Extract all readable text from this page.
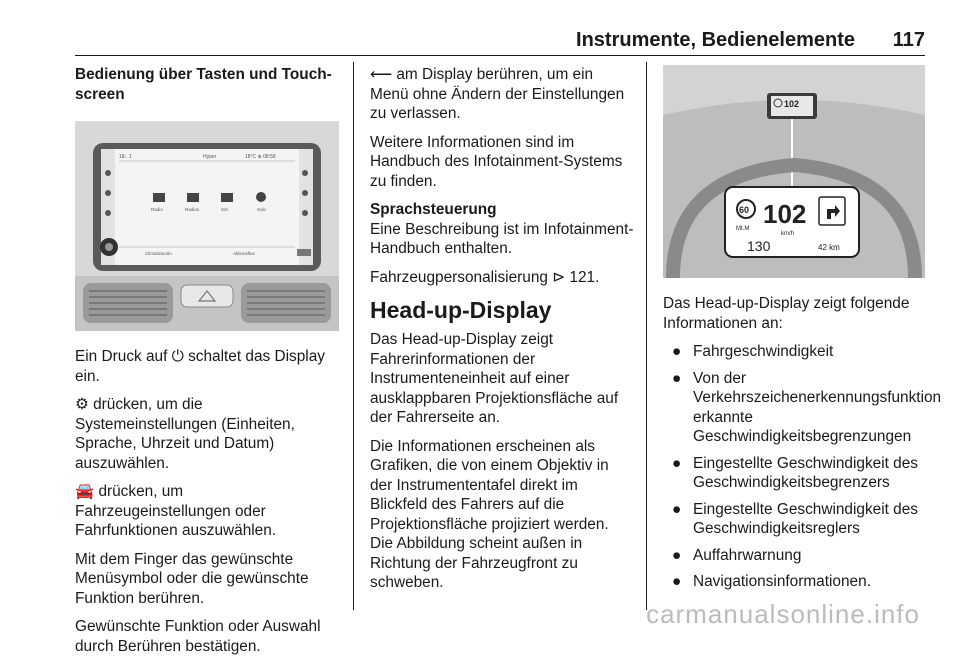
Instrumente, Bedienelemente 117
Bedienung über Tasten und Touch-
screen
18:. 1	Hyper	18°C ⊕ 08:58
Radio	Radios	Sirt	Solo
Climatización	Aktionsflus

Ein Druck auf ⏻ schaltet das Display ein.

⚙ drücken, um die Systemeinstellungen (Einheiten, Sprache, Uhrzeit und Datum) auszuwählen.

🚘 drücken, um Fahrzeugeinstellungen oder Fahrfunktionen auszuwählen.

Mit dem Finger das gewünschte Menüsymbol oder die gewünschte Funktion berühren.

Gewünschte Funktion oder Auswahl durch Berühren bestätigen.

⟵ am Display berühren, um ein Menü ohne Ändern der Einstellungen zu verlassen.

Weitere Informationen sind im Handbuch des Infotainment-Systems zu finden.

Sprachsteuerung

Eine Beschreibung ist im Infotainment-Handbuch enthalten.

Fahrzeugpersonalisierung ⊳ 121.

Head-up-Display

Das Head-up-Display zeigt Fahrerinformationen der Instrumenteneinheit auf einer ausklappbaren Projektionsfläche auf der Fahrerseite an.

Die Informationen erscheinen als Grafiken, die von einem Objektiv in der Instrumententafel direkt im Blickfeld des Fahrers auf die Projektionsfläche projiziert werden. Die Abbildung scheint außen in Richtung der Fahrzeugfront zu schweben.

102
60
Mt.M 102
km/h
130	42 km

Das Head-up-Display zeigt folgende Informationen an:

● Fahrgeschwindigkeit
● Von der Verkehrszeichenerkennungsfunktion erkannte Geschwindigkeitsbegrenzungen
● Eingestellte Geschwindigkeit des Geschwindigkeitsbegrenzers
● Eingestellte Geschwindigkeit des Geschwindigkeitsreglers
● Auffahrwarnung
● Navigationsinformationen.
carmanualsonline.info
